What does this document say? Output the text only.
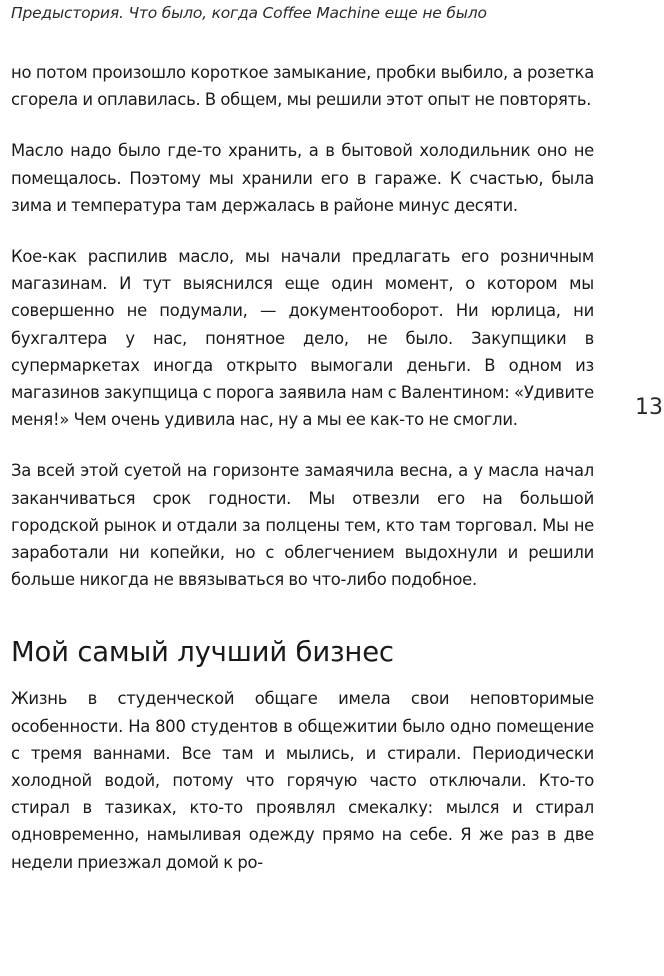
Предыстория. Что было, когда Coffee Machine еще не было

но потом произошло короткое замыкание, пробки выбило, а розетка сгорела и оплавилась. В общем, мы решили этот опыт не повторять.

Масло надо было где-то хранить, а в бытовой холодильник оно не помещалось. Поэтому мы хранили его в гараже. К счастью, была зима и температура там держалась в районе минус десяти.

Кое-как распилив масло, мы начали предлагать его розничным магазинам. И тут выяснился еще один момент, о котором мы совершенно не подумали, — документооборот. Ни юрлица, ни бухгалтера у нас, понятное дело, не было. Закупщики в супермаркетах иногда открыто вымогали деньги. В одном из магазинов закупщица с порога заявила нам с Валентином: «Удивите меня!» Чем очень удивила нас, ну а мы ее как-то не смогли.

За всей этой суетой на горизонте замаячила весна, а у масла начал заканчиваться срок годности. Мы отвезли его на большой городской рынок и отдали за полцены тем, кто там торговал. Мы не заработали ни копейки, но с облегчением выдохнули и решили больше никогда не ввязываться во что-либо подобное.

Мой самый лучший бизнес

Жизнь в студенческой общаге имела свои неповторимые особенности. На 800 студентов в общежитии было одно помещение с тремя ваннами. Все там и мылись, и стирали. Периодически холодной водой, потому что горячую часто отключали. Кто-то стирал в тазиках, кто-то проявлял смекалку: мылся и стирал одновременно, намыливая одежду прямо на себе. Я же раз в две недели приезжал домой к ро-

13
